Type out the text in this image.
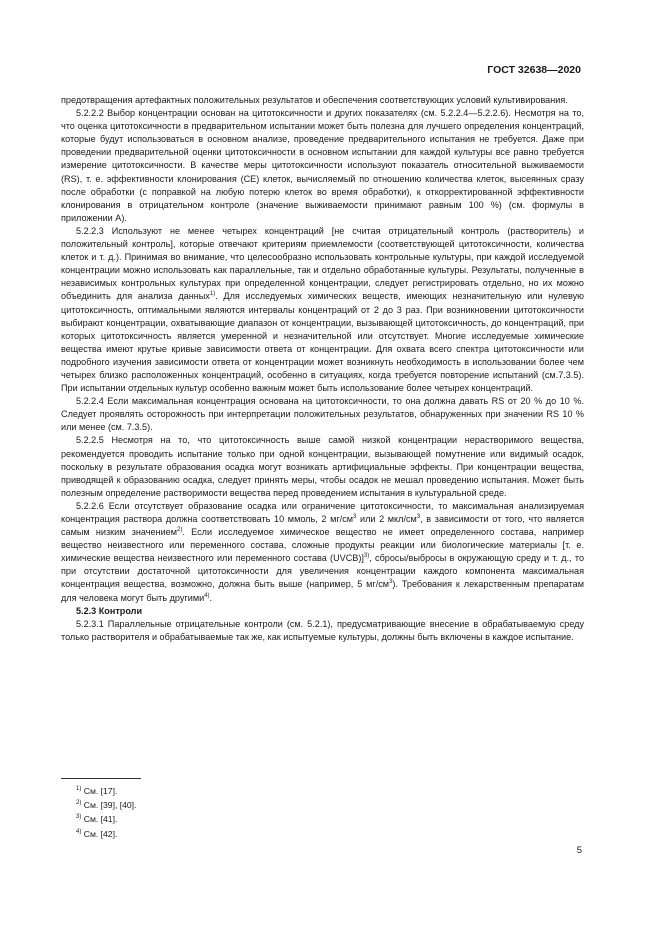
ГОСТ 32638—2020

предотвращения артефактных положительных результатов и обеспечения соответствующих условий культивирования.

5.2.2.2 Выбор концентрации основан на цитотоксичности и других показателях (см. 5.2.2.4—5.2.2.6). Несмотря на то, что оценка цитотоксичности в предварительном испытании может быть полезна для лучшего определения концентраций, которые будут использоваться в основном анализе, проведение предварительного испытания не требуется. Даже при проведении предварительной оценки цитотоксичности в основном испытании для каждой культуры все равно требуется измерение цитотоксичности. В качестве меры цитотоксичности используют показатель относительной выживаемости (RS), т. е. эффективности клонирования (CE) клеток, вычисляемый по отношению количества клеток, высеянных сразу после обработки (с поправкой на любую потерю клеток во время обработки), к откорректированной эффективности клонирования в отрицательном контроле (значение выживаемости принимают равным 100 %) (см. формулы в приложении А).

5.2.2.3 Используют не менее четырех концентраций [не считая отрицательный контроль (растворитель) и положительный контроль], которые отвечают критериям приемлемости (соответствующей цитотоксичности, количества клеток и т. д.). Принимая во внимание, что целесообразно использовать контрольные культуры, при каждой исследуемой концентрации можно использовать как параллельные, так и отдельно обработанные культуры. Результаты, полученные в независимых контрольных культурах при определенной концентрации, следует регистрировать отдельно, но их можно объединить для анализа данных$^{1)}$. Для исследуемых химических веществ, имеющих незначительную или нулевую цитотоксичность, оптимальными являются интервалы концентраций от 2 до 3 раз. При возникновении цитотоксичности выбирают концентрации, охватывающие диапазон от концентрации, вызывающей цитотоксичность, до концентраций, при которых цитотоксичность является умеренной и незначительной или отсутствует. Многие исследуемые химические вещества имеют крутые кривые зависимости ответа от концентрации. Для охвата всего спектра цитотоксичности или подробного изучения зависимости ответа от концентрации может возникнуть необходимость в использовании более чем четырех близко расположенных концентраций, особенно в ситуациях, когда требуется повторение испытаний (см.7.3.5). При испытании отдельных культур особенно важным может быть использование более четырех концентраций.

5.2.2.4 Если максимальная концентрация основана на цитотоксичности, то она должна давать RS от 20 % до 10 %. Следует проявлять осторожность при интерпретации положительных результатов, обнаруженных при значении RS 10 % или менее (см. 7.3.5).

5.2.2.5 Несмотря на то, что цитотоксичность выше самой низкой концентрации нерастворимого вещества, рекомендуется проводить испытание только при одной концентрации, вызывающей помутнение или видимый осадок, поскольку в результате образования осадка могут возникать артифициальные эффекты. При концентрации вещества, приводящей к образованию осадка, следует принять меры, чтобы осадок не мешал проведению испытания. Может быть полезным определение растворимости вещества перед проведением испытания в культуральной среде.

5.2.2.6 Если отсутствует образование осадка или ограничение цитотоксичности, то максимальная анализируемая концентрация раствора должна соответствовать 10 ммоль, 2 $мг/см^3$ или 2 мкл/$см^3$, в зависимости от того, что является самым низким значением$^{2)}$. Если исследуемое химическое вещество не имеет определенного состава, например вещество неизвестного или переменного состава, сложные продукты реакции или биологические материалы [т. е. химические вещества неизвестного или переменного состава (UVCB)]$^{3)}$, сбросы/выбросы в окружающую среду и т. д., то при отсутствии достаточной цитотоксичности для увеличения концентрации каждого компонента максимальная концентрация вещества, возможно, должна быть выше (например, 5 $мг/см^3$). Требования к лекарственным препаратам для человека могут быть другими$^{4)}$.

5.2.3 Контроли

5.2.3.1 Параллельные отрицательные контроли (см. 5.2.1), предусматривающие внесение в обрабатываемую среду только растворителя и обрабатываемые так же, как испытуемые культуры, должны быть включены в каждое испытание.

$^{1)}$ См. [17].
$^{2)}$ См. [39], [40].
$^{3)}$ См. [41].
$^{4)}$ См. [42].
5
